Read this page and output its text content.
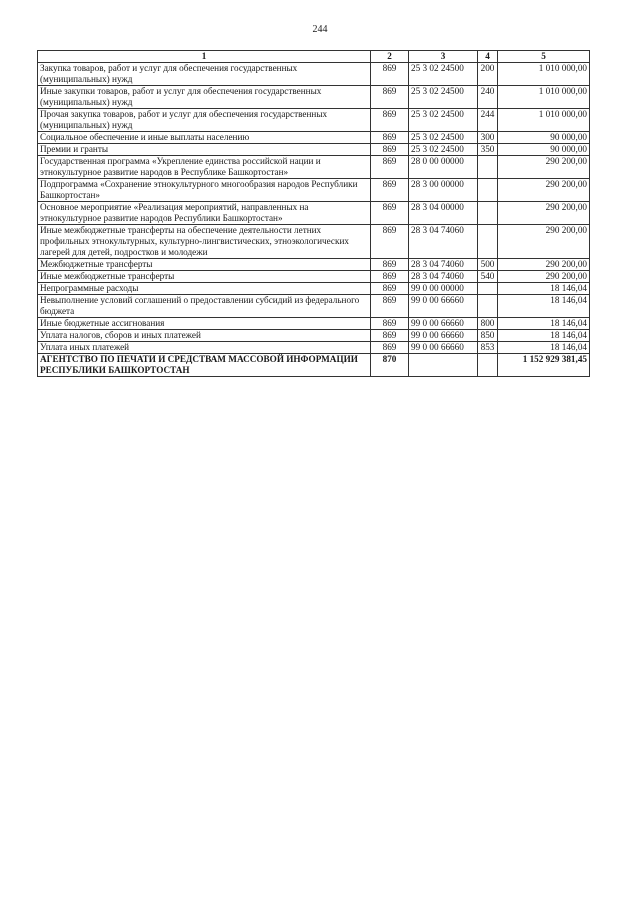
244
1	2	3	4	5
Закупка товаров, работ и услуг для обеспечения государственных (муниципальных) нужд	869	25 3 02 24500	200	1 010 000,00
Иные закупки товаров, работ и услуг для обеспечения государственных (муниципальных) нужд	869	25 3 02 24500	240	1 010 000,00
Прочая закупка товаров, работ и услуг для обеспечения государственных (муниципальных) нужд	869	25 3 02 24500	244	1 010 000,00
Социальное обеспечение и иные выплаты населению	869	25 3 02 24500	300	90 000,00
Премии и гранты	869	25 3 02 24500	350	90 000,00
Государственная программа «Укрепление единства российской нации и этнокультурное развитие народов в Республике Башкортостан»	869	28 0 00 00000		290 200,00
Подпрограмма «Сохранение этнокультурного многообразия народов Республики Башкортостан»	869	28 3 00 00000		290 200,00
Основное мероприятие «Реализация мероприятий, направленных на этнокультурное развитие народов Республики Башкортостан»	869	28 3 04 00000		290 200,00
Иные межбюджетные трансферты на обеспечение деятельности летних профильных этнокультурных, культурно-лингвистических, этноэкологических лагерей для детей, подростков и молодежи	869	28 3 04 74060		290 200,00
Межбюджетные трансферты	869	28 3 04 74060	500	290 200,00
Иные межбюджетные трансферты	869	28 3 04 74060	540	290 200,00
Непрограммные расходы	869	99 0 00 00000		18 146,04
Невыполнение условий соглашений о предоставлении субсидий из федерального бюджета	869	99 0 00 66660		18 146,04
Иные бюджетные ассигнования	869	99 0 00 66660	800	18 146,04
Уплата налогов, сборов и иных платежей	869	99 0 00 66660	850	18 146,04
Уплата иных платежей	869	99 0 00 66660	853	18 146,04
АГЕНТСТВО ПО ПЕЧАТИ И СРЕДСТВАМ МАССОВОЙ ИНФОРМАЦИИ РЕСПУБЛИКИ БАШКОРТОСТАН	870			1 152 929 381,45
